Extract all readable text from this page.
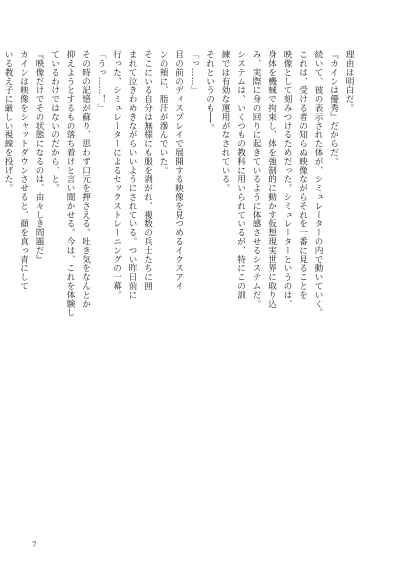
理由は明白だ。

『カインは優秀』だからだ。

続いて、彼の表示された体が、シミュレーターの内で動いていく。

これは、受ける者の知らぬ映像ながらそれを一番に見ることを

映像として刻みつけるためだった。シミュレーターというのは、

身体を機械で拘束し、体を強制的に動かす仮想現実世界に取り込

み、実際に身の回りに起きているように体感させるシステムだ。

システムは、いくつもの教科に用いられているが、特にこの訓

練では有効な運用がなされている。

それというのも──。

「っ……」

目の前のディスプレイで展開する映像を見つめるイクスアイ

ンの頬に、脂汗が滲んでいた。

そこにいる自分は無様にも服を剥がれ、複数の兵士たちに囲

まれて泣きわめきながらいいようにされている。つい昨日前に

行った、シミュレーターによるセックストレーニングの一幕。

「うっ……！」

その時の記憶が蘇り、思わず口元を押さえる。吐き気をなんとか

抑えようとするもの落ち着けと言い聞かせる。今は、これを体験し

ているわけではないのだから、と。

『映像だけでその状態になるのは、由々しき問題だ』

カインは映像をシャットダウンさせると、顔を真っ青にして

いる教え子に厳しい視線を投げた。

7
